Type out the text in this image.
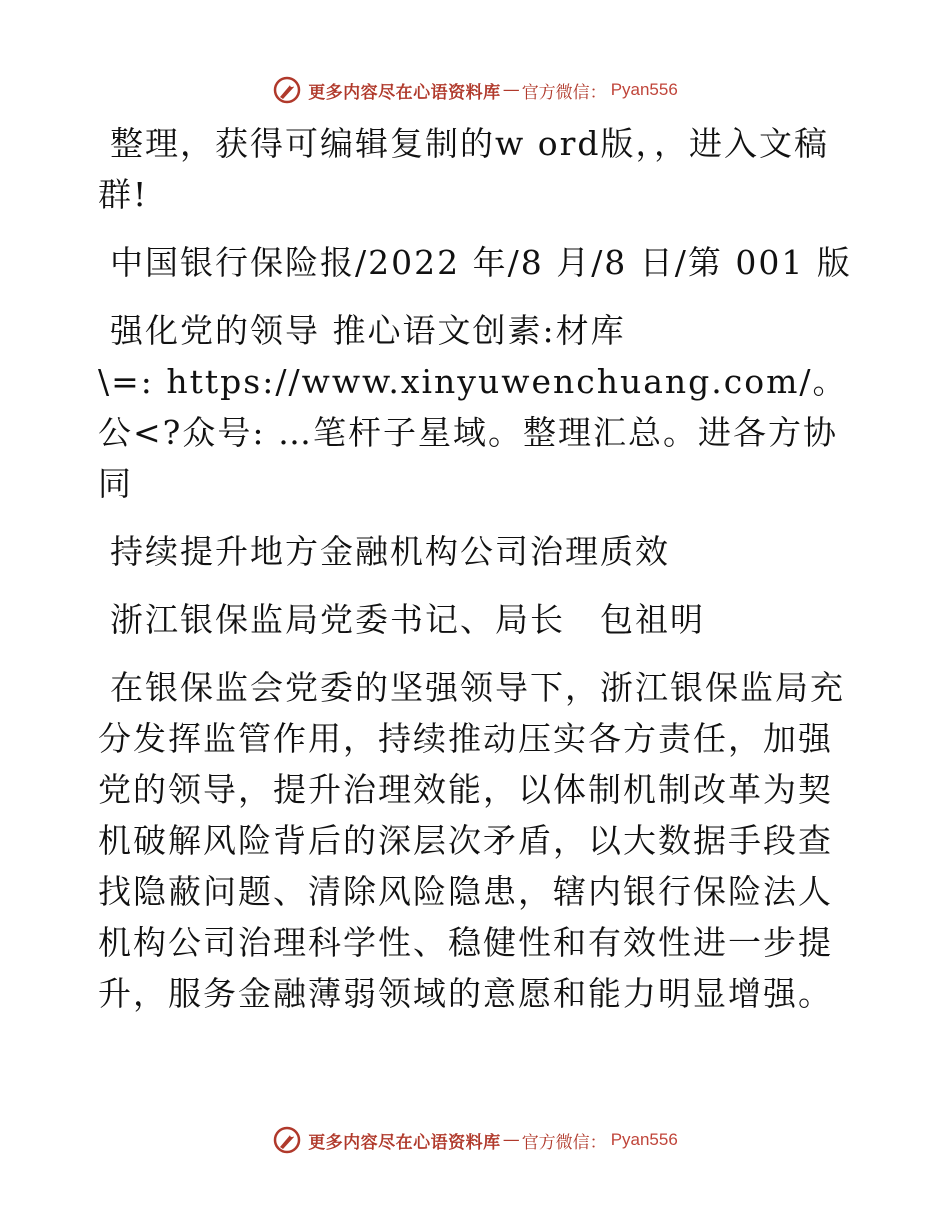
更多内容尽在心语资料库 — 官方微信： Pyan556

整理，获得可编辑复制的w ord版，，进入文稿群!

中国银行保险报/2022 年/8 月/8 日/第 001 版

强化党的领导 推心语文创素:材库

\=: https://www.xinyuwenchuang.com/。公<?众号: …笔杆子星域。整理汇总。进各方协同

持续提升地方金融机构公司治理质效

浙江银保监局党委书记、局长　包祖明

在银保监会党委的坚强领导下，浙江银保监局充分发挥监管作用，持续推动压实各方责任，加强党的领导，提升治理效能，以体制机制改革为契机破解风险背后的深层次矛盾，以大数据手段查找隐蔽问题、清除风险隐患，辖内银行保险法人机构公司治理科学性、稳健性和有效性进一步提升，服务金融薄弱领域的意愿和能力明显增强。

更多内容尽在心语资料库 — 官方微信： Pyan556
